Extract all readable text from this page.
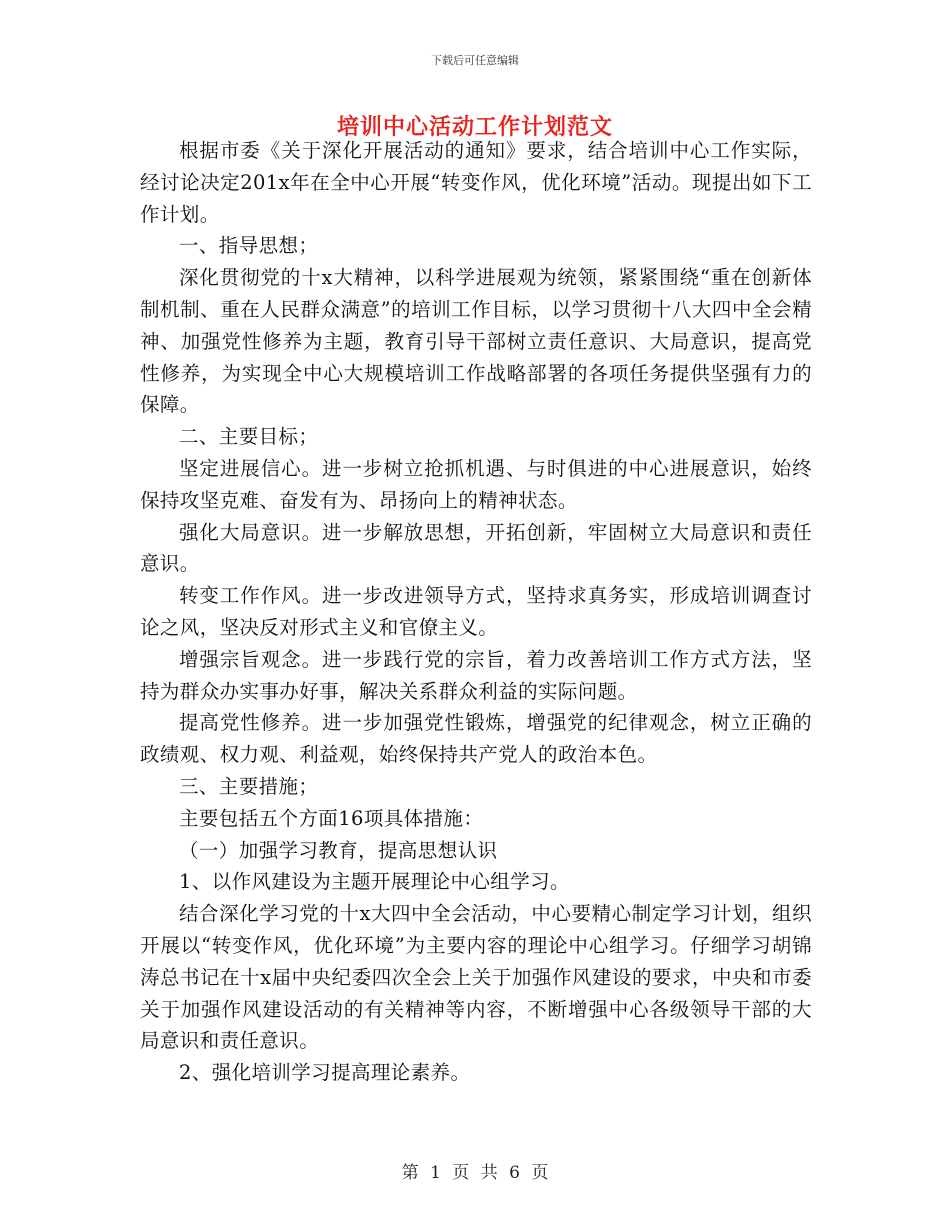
下载后可任意编辑
培训中心活动工作计划范文

根据市委《关于深化开展活动的通知》要求，结合培训中心工作实际，经讨论决定201x年在全中心开展“转变作风，优化环境”活动。现提出如下工作计划。

一、指导思想；

深化贯彻党的十x大精神，以科学进展观为统领，紧紧围绕“重在创新体制机制、重在人民群众满意”的培训工作目标，以学习贯彻十八大四中全会精神、加强党性修养为主题，教育引导干部树立责任意识、大局意识，提高党性修养，为实现全中心大规模培训工作战略部署的各项任务提供坚强有力的保障。

二、主要目标；

坚定进展信心。进一步树立抢抓机遇、与时俱进的中心进展意识，始终保持攻坚克难、奋发有为、昂扬向上的精神状态。

强化大局意识。进一步解放思想，开拓创新，牢固树立大局意识和责任意识。

转变工作作风。进一步改进领导方式，坚持求真务实，形成培训调查讨论之风，坚决反对形式主义和官僚主义。

增强宗旨观念。进一步践行党的宗旨，着力改善培训工作方式方法，坚持为群众办实事办好事，解决关系群众利益的实际问题。

提高党性修养。进一步加强党性锻炼，增强党的纪律观念，树立正确的政绩观、权力观、利益观，始终保持共产党人的政治本色。

三、主要措施；

主要包括五个方面16项具体措施：

（一）加强学习教育，提高思想认识

1、以作风建设为主题开展理论中心组学习。

结合深化学习党的十x大四中全会活动，中心要精心制定学习计划，组织开展以“转变作风，优化环境”为主要内容的理论中心组学习。仔细学习胡锦涛总书记在十x届中央纪委四次全会上关于加强作风建设的要求，中央和市委关于加强作风建设活动的有关精神等内容，不断增强中心各级领导干部的大局意识和责任意识。

2、强化培训学习提高理论素养。

第 1 页 共 6 页
